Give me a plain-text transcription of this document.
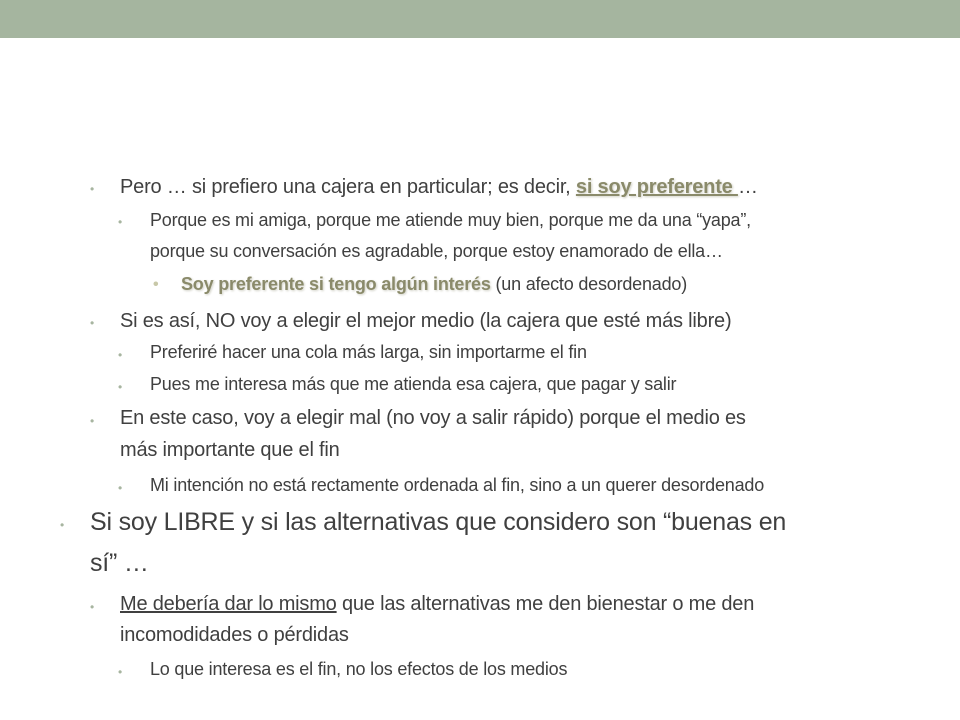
• Pero … si prefiero una cajera en particular; es decir, si soy preferente …
• Porque es mi amiga, porque me atiende muy bien, porque me da una “yapa”,
porque su conversación es agradable, porque estoy enamorado de ella…
• Soy preferente si tengo algún interés (un afecto desordenado)
• Si es así, NO voy a elegir el mejor medio (la cajera que esté más libre)
• Preferiré hacer una cola más larga, sin importarme el fin
• Pues me interesa más que me atienda esa cajera, que pagar y salir
• En este caso, voy a elegir mal (no voy a salir rápido) porque el medio es
más importante que el fin
• Mi intención no está rectamente ordenada al fin, sino a un querer desordenado
• Si soy LIBRE y si las alternativas que considero son “buenas en
sí” …
• Me debería dar lo mismo que las alternativas me den bienestar o me den
incomodidades o pérdidas
• Lo que interesa es el fin, no los efectos de los medios
